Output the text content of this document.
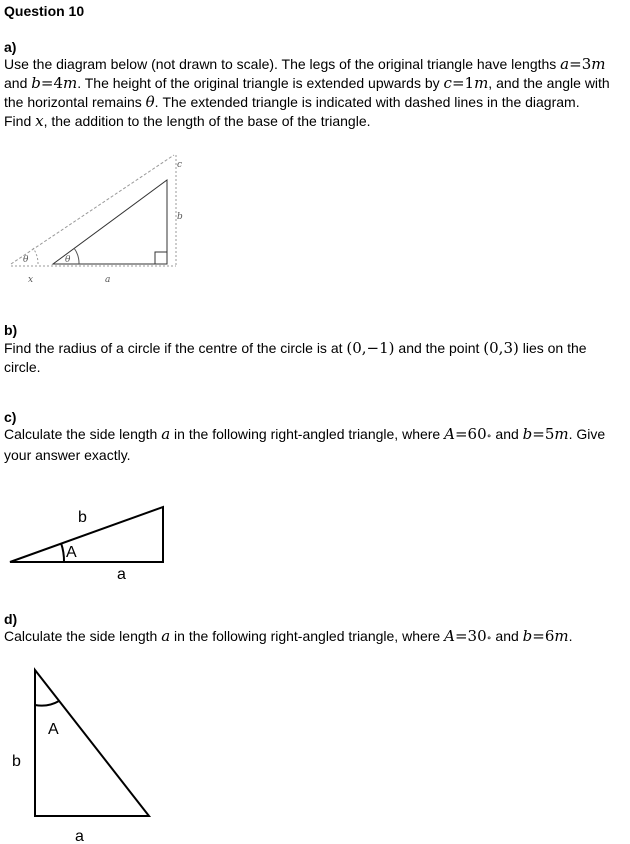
Question 10
a)
Use the diagram below (not drawn to scale). The legs of the original triangle have lengths a=3m
and b=4m. The height of the original triangle is extended upwards by c=1m, and the angle with
the horizontal remains θ. The extended triangle is indicated with dashed lines in the diagram.
Find x, the addition to the length of the base of the triangle.
c
b
θ
θ
x	a
b)
Find the radius of a circle if the centre of the circle is at (0,−1) and the point (0,3) lies on the
circle.
c)
Calculate the side length a in the following right-angled triangle, where A=60∘ and b=5m. Give
your answer exactly.
b
A
a
d)
Calculate the side length a in the following right-angled triangle, where A=30∘ and b=6m.
A
b
a
